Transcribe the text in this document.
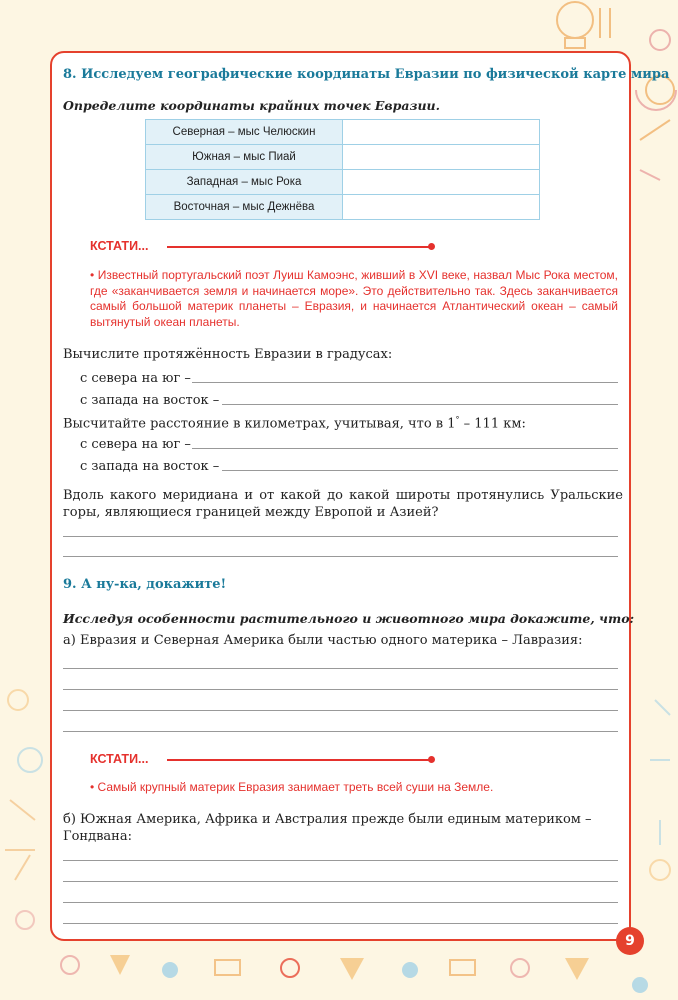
8. Исследуем географические координаты Евразии по физической карте мира
Определите координаты крайних точек Евразии.
Северная – мыс Челюскин	
Южная – мыс Пиай	
Западная – мыс Рока	
Восточная – мыс Дежнёва	
КСТАТИ...
• Известный португальский поэт Луиш Камоэнс, живший в XVI веке, назвал Мыс Рока местом, где «заканчивается земля и начинается море». Это действительно так. Здесь заканчивается самый большой материк планеты – Евразия, и начинается Атлантический океан – самый вытянутый океан планеты.
Вычислите протяжённость Евразии в градусах:
с севера на юг –
с запада на восток –
Высчитайте расстояние в километрах, учитывая, что в 1° – 111 км:
с севера на юг –
с запада на восток –
Вдоль какого меридиана и от какой до какой широты протянулись Уральские горы, являющиеся границей между Европой и Азией?
9. А ну-ка, докажите!
Исследуя особенности растительного и животного мира докажите, что:
а) Евразия и Северная Америка были частью одного материка – Лавразия:
КСТАТИ...
• Самый крупный материк Евразия занимает треть всей суши на Земле.
б) Южная Америка, Африка и Австралия прежде были единым материком – Гондвана:
9
